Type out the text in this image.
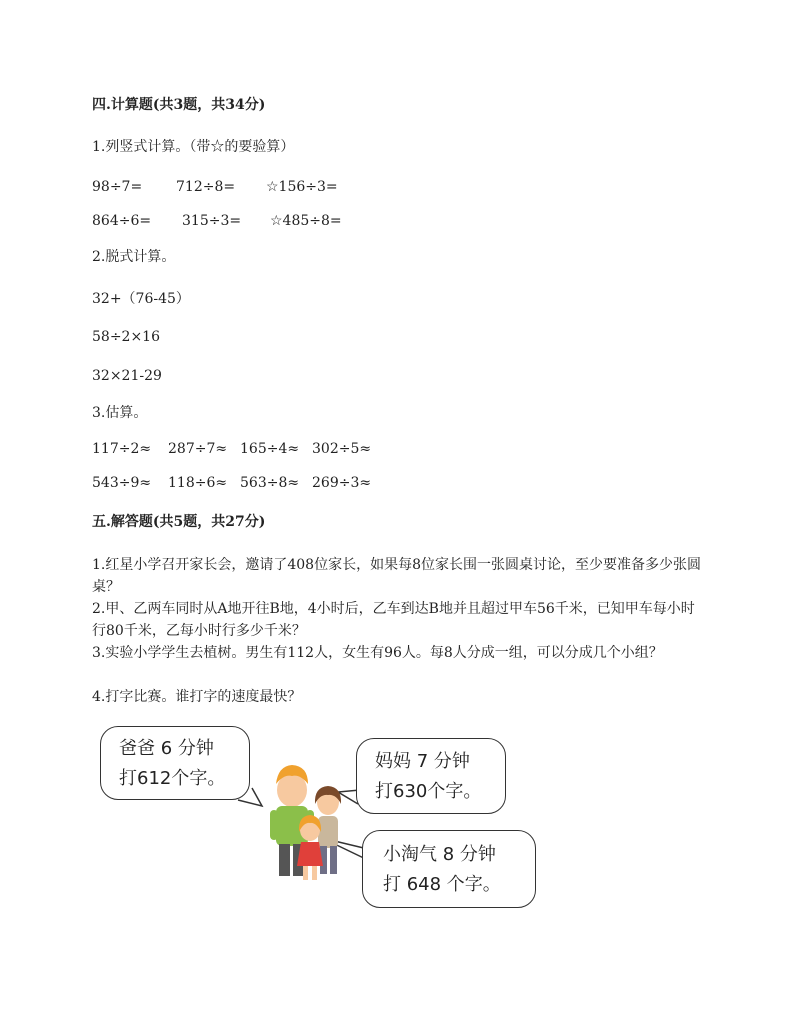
四.计算题(共3题，共34分)
1.列竖式计算。（带☆的要验算）
98÷7= 712÷8= ☆156÷3=
864÷6= 315÷3= ☆485÷8=
2.脱式计算。
32+（76-45）
58÷2×16
32×21-29
3.估算。
117÷2≈ 287÷7≈ 165÷4≈ 302÷5≈
543÷9≈ 118÷6≈ 563÷8≈ 269÷3≈
五.解答题(共5题，共27分)
1.红星小学召开家长会，邀请了408位家长，如果每8位家长围一张圆桌讨论，至少要准备多少张圆桌？
2.甲、乙两车同时从A地开往B地，4小时后，乙车到达B地并且超过甲车56千米，已知甲车每小时行80千米，乙每小时行多少千米？
3.实验小学学生去植树。男生有112人，女生有96人。每8人分成一组，可以分成几个小组？
4.打字比赛。谁打字的速度最快？
爸爸 6 分钟
打612个字。
妈妈 7 分钟
打630个字。
小淘气 8 分钟
打 648 个字。
